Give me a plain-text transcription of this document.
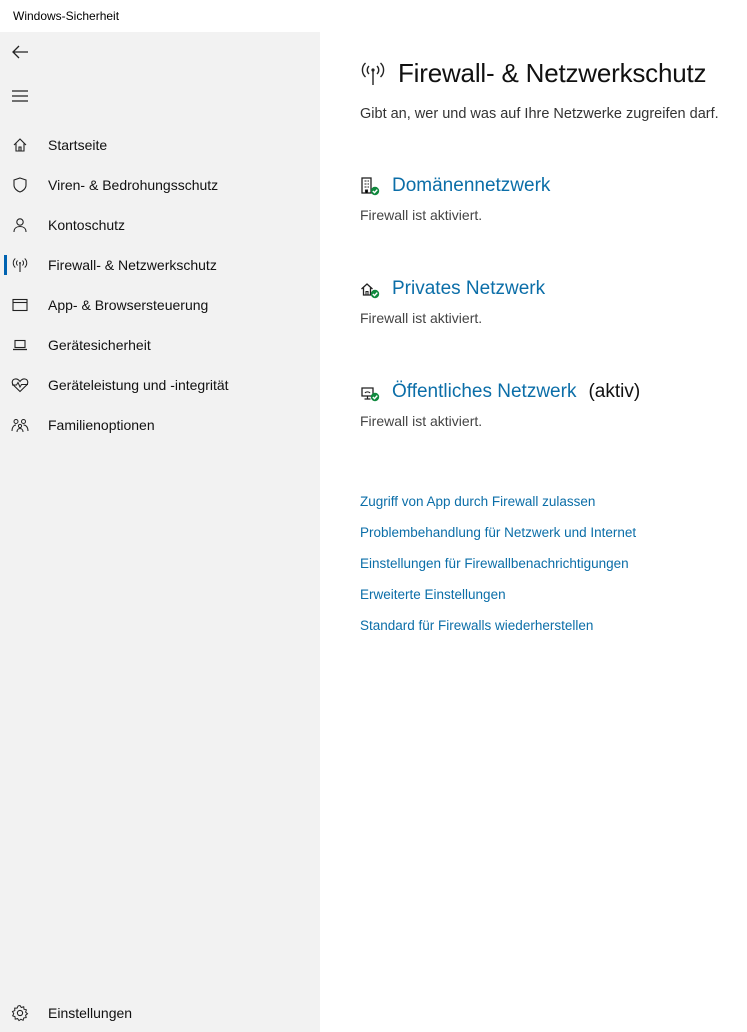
Windows-Sicherheit
Startseite
Viren- & Bedrohungsschutz
Kontoschutz
Firewall- & Netzwerkschutz
App- & Browsersteuerung
Gerätesicherheit
Geräteleistung und -integrität
Familienoptionen
Einstellungen
Firewall- & Netzwerkschutz
Gibt an, wer und was auf Ihre Netzwerke zugreifen darf.
Domänennetzwerk
Firewall ist aktiviert.
Privates Netzwerk
Firewall ist aktiviert.
Öffentliches Netzwerk (aktiv)
Firewall ist aktiviert.
Zugriff von App durch Firewall zulassen
Problembehandlung für Netzwerk und Internet
Einstellungen für Firewallbenachrichtigungen
Erweiterte Einstellungen
Standard für Firewalls wiederherstellen
